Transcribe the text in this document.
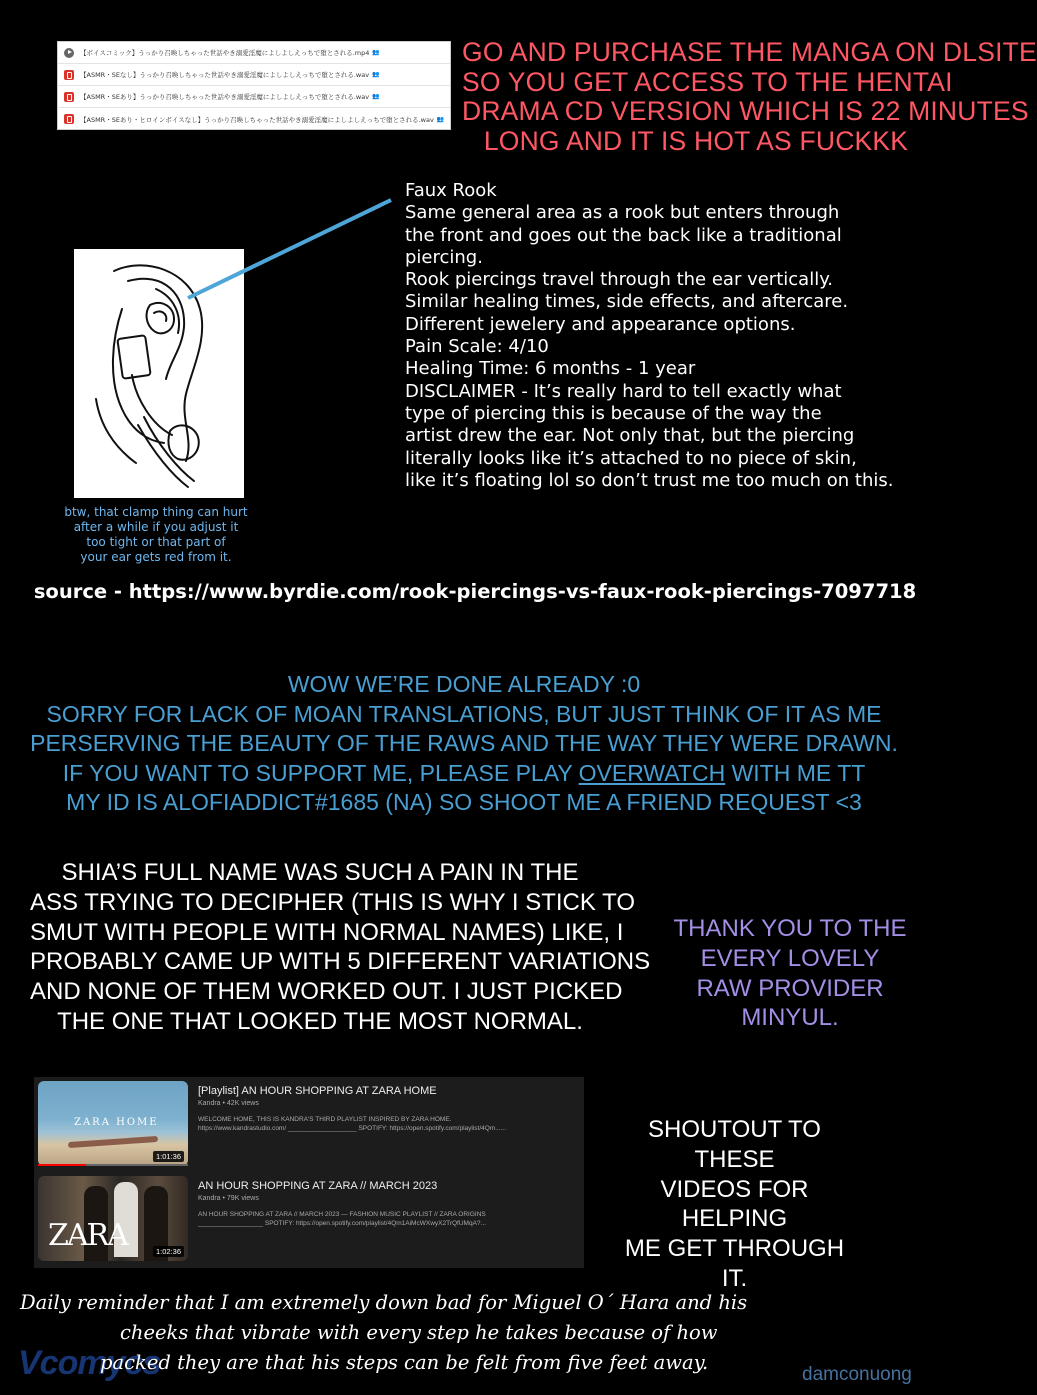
【ボイスコミック】うっかり召喚しちゃった世話やき溺愛淫魔によしよしえっちで堕とされる.mp4 👥
【ASMR・SEなし】うっかり召喚しちゃった世話やき溺愛淫魔によしよしえっちで堕とされる.wav 👥
【ASMR・SEあり】うっかり召喚しちゃった世話やき溺愛淫魔によしよしえっちで堕とされる.wav 👥
【ASMR・SEあり・ヒロインボイスなし】うっかり召喚しちゃった世話やき溺愛淫魔によしよしえっちで堕とされる.wav 👥
GO AND PURCHASE THE MANGA ON DLSITE
SO YOU GET ACCESS TO THE HENTAI
DRAMA CD VERSION WHICH IS 22 MINUTES
LONG AND IT IS HOT AS FUCKKK
Faux Rook
Same general area as a rook but enters through
the front and goes out the back like a traditional
piercing.
Rook piercings travel through the ear vertically.
Similar healing times, side effects, and aftercare.
Different jewelery and appearance options.
Pain Scale: 4/10
Healing Time: 6 months - 1 year
DISCLAIMER - It’s really hard to tell exactly what
type of piercing this is because of the way the
artist drew the ear. Not only that, but the piercing
literally looks like it’s attached to no piece of skin,
like it’s floating lol so don’t trust me too much on this.
btw, that clamp thing can hurt
after a while if you adjust it
too tight or that part of
your ear gets red from it.
source - https://www.byrdie.com/rook-piercings-vs-faux-rook-piercings-7097718
WOW WE’RE DONE ALREADY :0
SORRY FOR LACK OF MOAN TRANSLATIONS, BUT JUST THINK OF IT AS ME
PERSERVING THE BEAUTY OF THE RAWS AND THE WAY THEY WERE DRAWN.
IF YOU WANT TO SUPPORT ME, PLEASE PLAY OVERWATCH WITH ME TT
MY ID IS ALOFIADDICT#1685 (NA) SO SHOOT ME A FRIEND REQUEST <3
SHIA’S FULL NAME WAS SUCH A PAIN IN THE
ASS TRYING TO DECIPHER (THIS IS WHY I STICK TO
SMUT WITH PEOPLE WITH NORMAL NAMES) LIKE, I
PROBABLY CAME UP WITH 5 DIFFERENT VARIATIONS
AND NONE OF THEM WORKED OUT. I JUST PICKED
THE ONE THAT LOOKED THE MOST NORMAL.
THANK YOU TO THE
EVERY LOVELY
RAW PROVIDER
MINYUL.
ZARA HOME
1:01:36
[Playlist] AN HOUR SHOPPING AT ZARA HOME
Kandra • 42K views
WELCOME HOME, THIS IS KANDRA'S THIRD PLAYLIST INSPIRED BY ZARA HOME.
https://www.kandrastudio.com/ ___________________ SPOTIFY: https://open.spotify.com/playlist/4Qm......
ZARA	1:02:36
AN HOUR SHOPPING AT ZARA // MARCH 2023
Kandra • 79K views
AN HOUR SHOPPING AT ZARA // MARCH 2023 — FASHION MUSIC PLAYLIST // ZARA ORIGINS
__________________ SPOTIFY: https://open.spotify.com/playlist/4Qm1AiMcWXwyX2TrQfUMqA?...
SHOUTOUT TO THESE
VIDEOS FOR HELPING
ME GET THROUGH
IT.
Vcomycs
Daily reminder that I am extremely down bad for Miguel O´ Hara and his
cheeks that vibrate with every step he takes because of how
packed they are that his steps can be felt from five feet away.
damconuong
